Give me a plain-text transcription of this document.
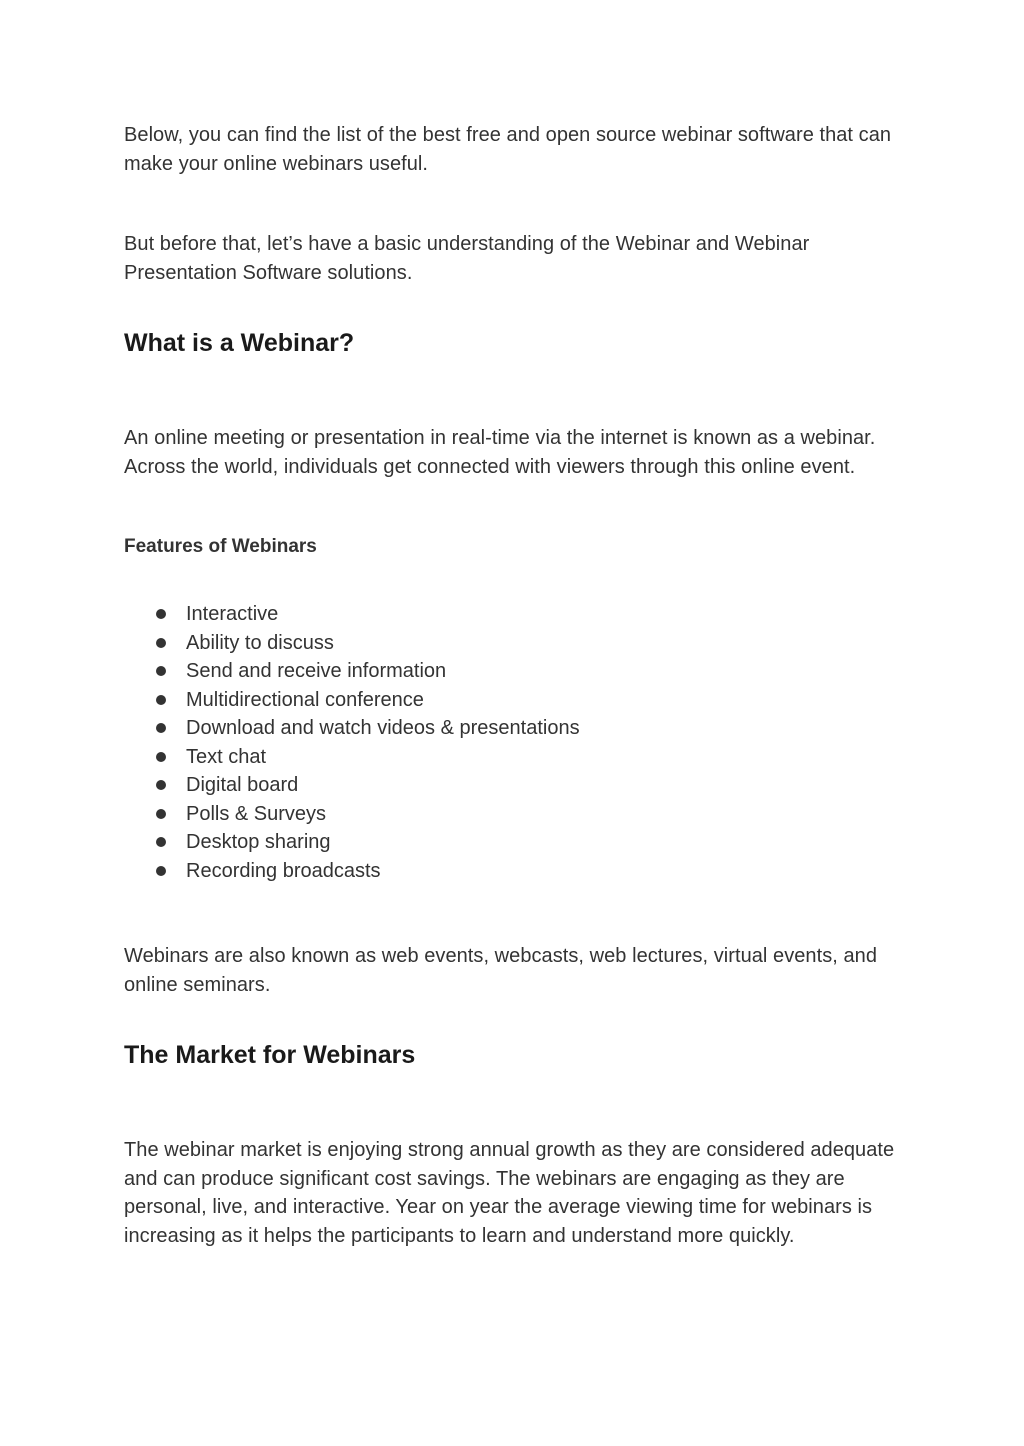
Below, you can find the list of the best free and open source webinar software that can make your online webinars useful.

But before that, let’s have a basic understanding of the Webinar and Webinar Presentation Software solutions.

What is a Webinar?

An online meeting or presentation in real-time via the internet is known as a webinar. Across the world, individuals get connected with viewers through this online event.

Features of Webinars
Interactive
Ability to discuss
Send and receive information
Multidirectional conference
Download and watch videos & presentations
Text chat
Digital board
Polls & Surveys
Desktop sharing
Recording broadcasts

Webinars are also known as web events, webcasts, web lectures, virtual events, and online seminars.

The Market for Webinars

The webinar market is enjoying strong annual growth as they are considered adequate and can produce significant cost savings. The webinars are engaging as they are personal, live, and interactive. Year on year the average viewing time for webinars is increasing as it helps the participants to learn and understand more quickly.
